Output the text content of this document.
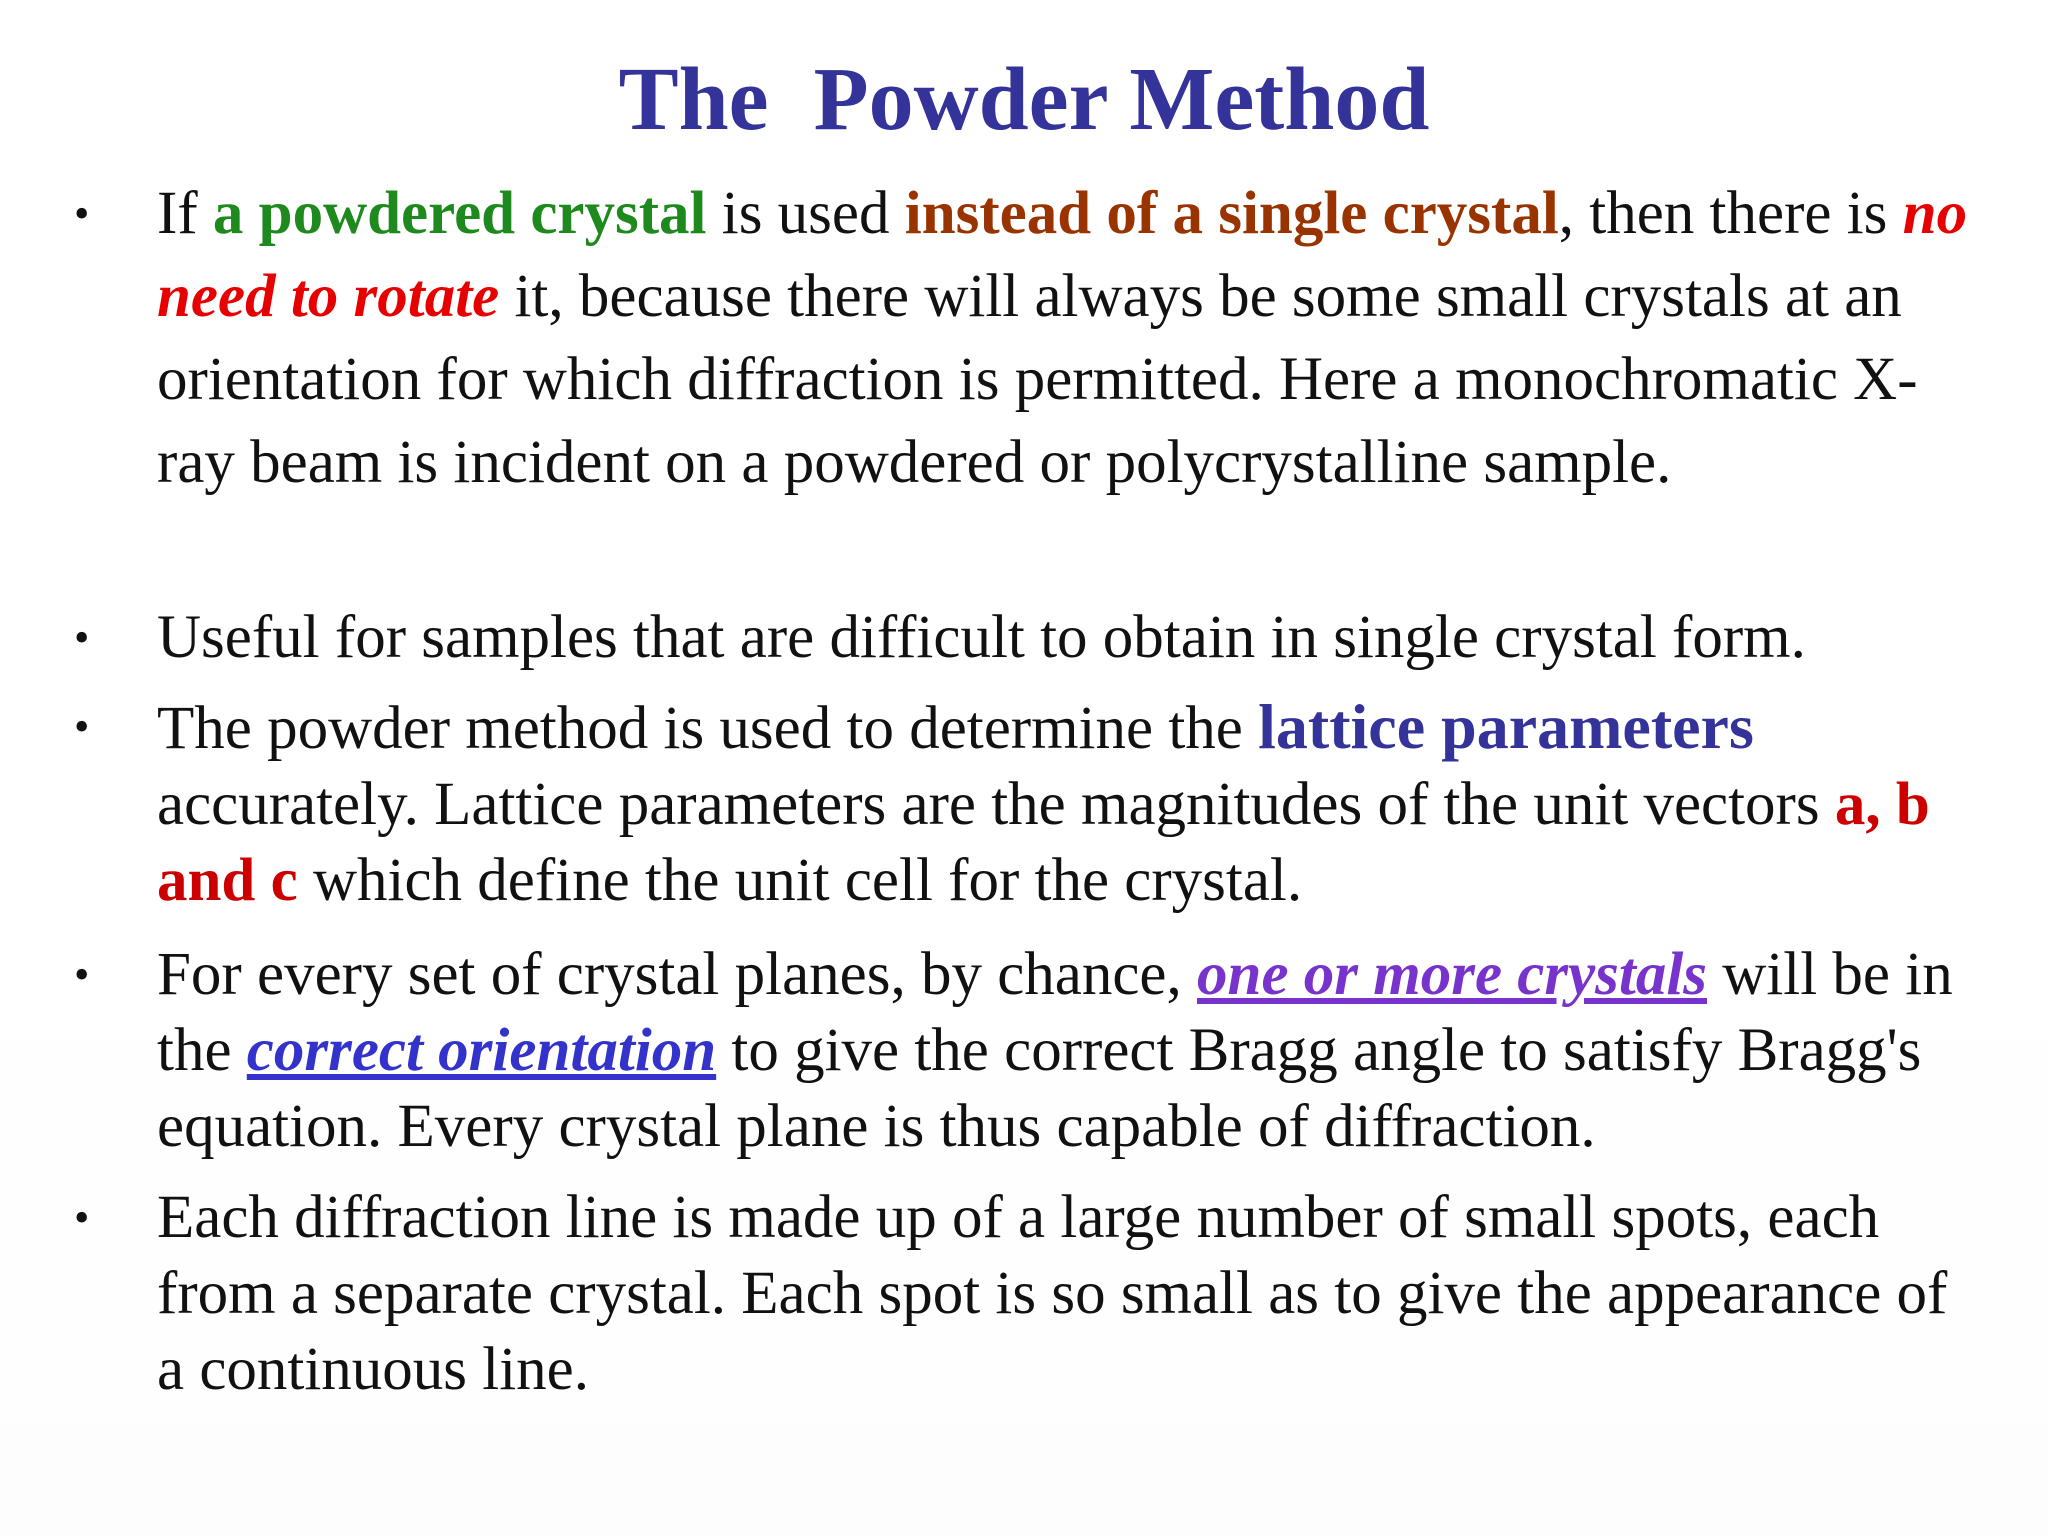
The  Powder Method
•	If a powdered crystal is used instead of a single crystal, then there is no need to rotate it, because there will always be some small crystals at an orientation for which diffraction is permitted. Here a monochromatic X-ray beam is incident on a powdered or polycrystalline sample.
•	Useful for samples that are difficult to obtain in single crystal form.
•	The powder method is used to determine the lattice parameters accurately. Lattice parameters are the magnitudes of the unit vectors a, b and c which define the unit cell for the crystal.
•	For every set of crystal planes, by chance, one or more crystals will be in the correct orientation to give the correct Bragg angle to satisfy Bragg's equation. Every crystal plane is thus capable of diffraction.
•	Each diffraction line is made up of a large number of small spots, each from a separate crystal. Each spot is so small as to give the appearance of a continuous line.
